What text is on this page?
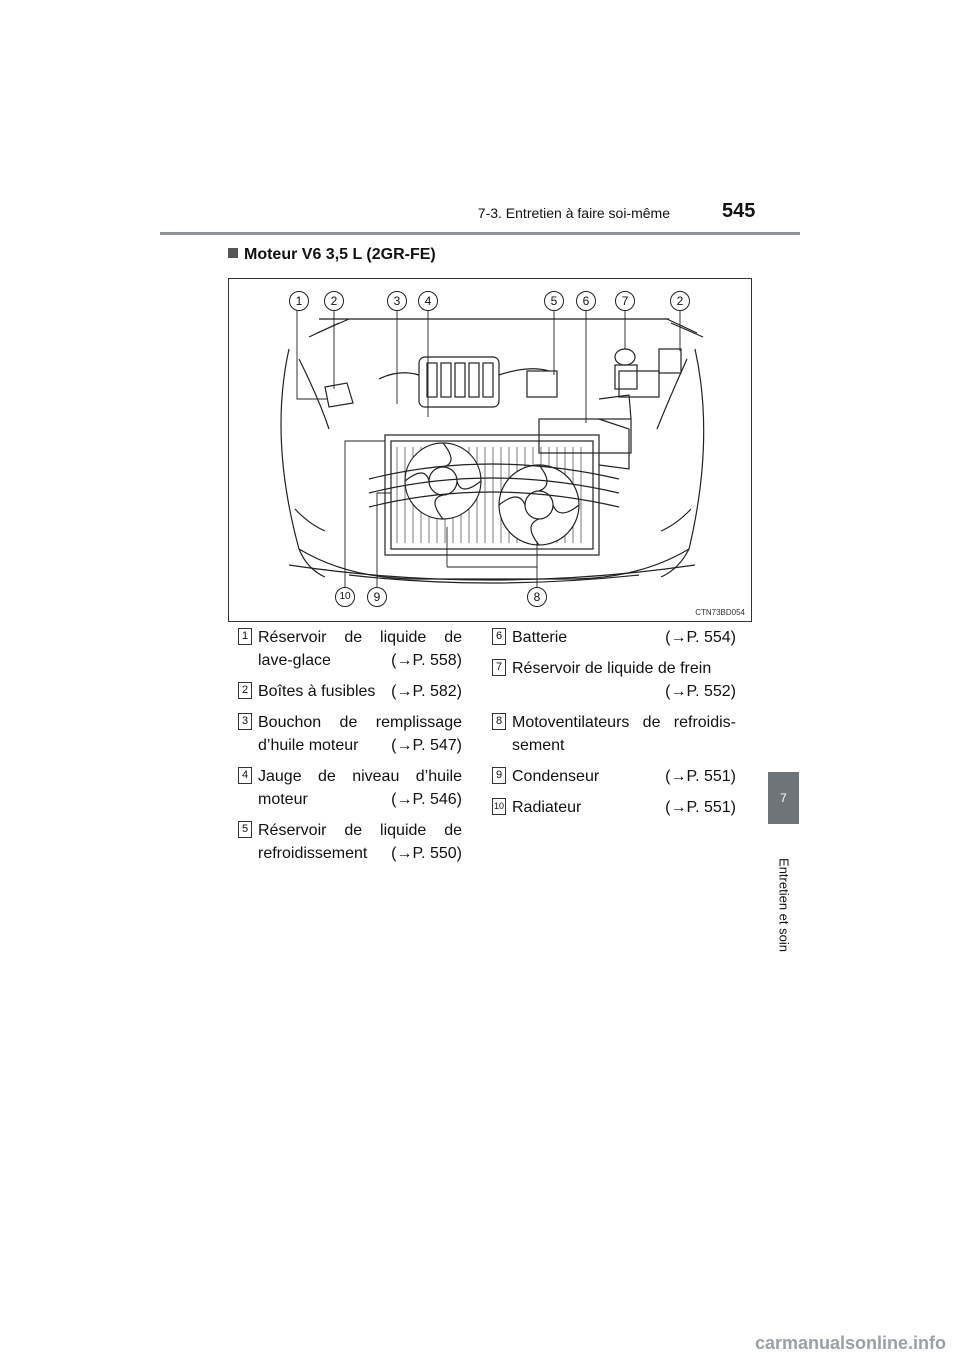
7-3. Entretien à faire soi-même	545
7
Entretien et soin
Moteur V6 3,5 L (2GR-FE)
1	2	3	4	5	6	7	2
10	9	8
CTN73BD054
1 Réservoir de liquide de
lave-glace	(→P. 558)
2 Boîtes à fusibles (→P. 582)
3 Bouchon de remplissage
d’huile moteur (→P. 547)
4 Jauge de niveau d’huile
moteur	(→P. 546)
5 Réservoir de liquide de
refroidissement (→P. 550)
6 Batterie	(→P. 554)
7 Réservoir de liquide de frein
(→P. 552)
8 Motoventilateurs de refroidis-
sement
9 Condenseur	(→P. 551)
10 Radiateur	(→P. 551)
carmanualsonline.info
